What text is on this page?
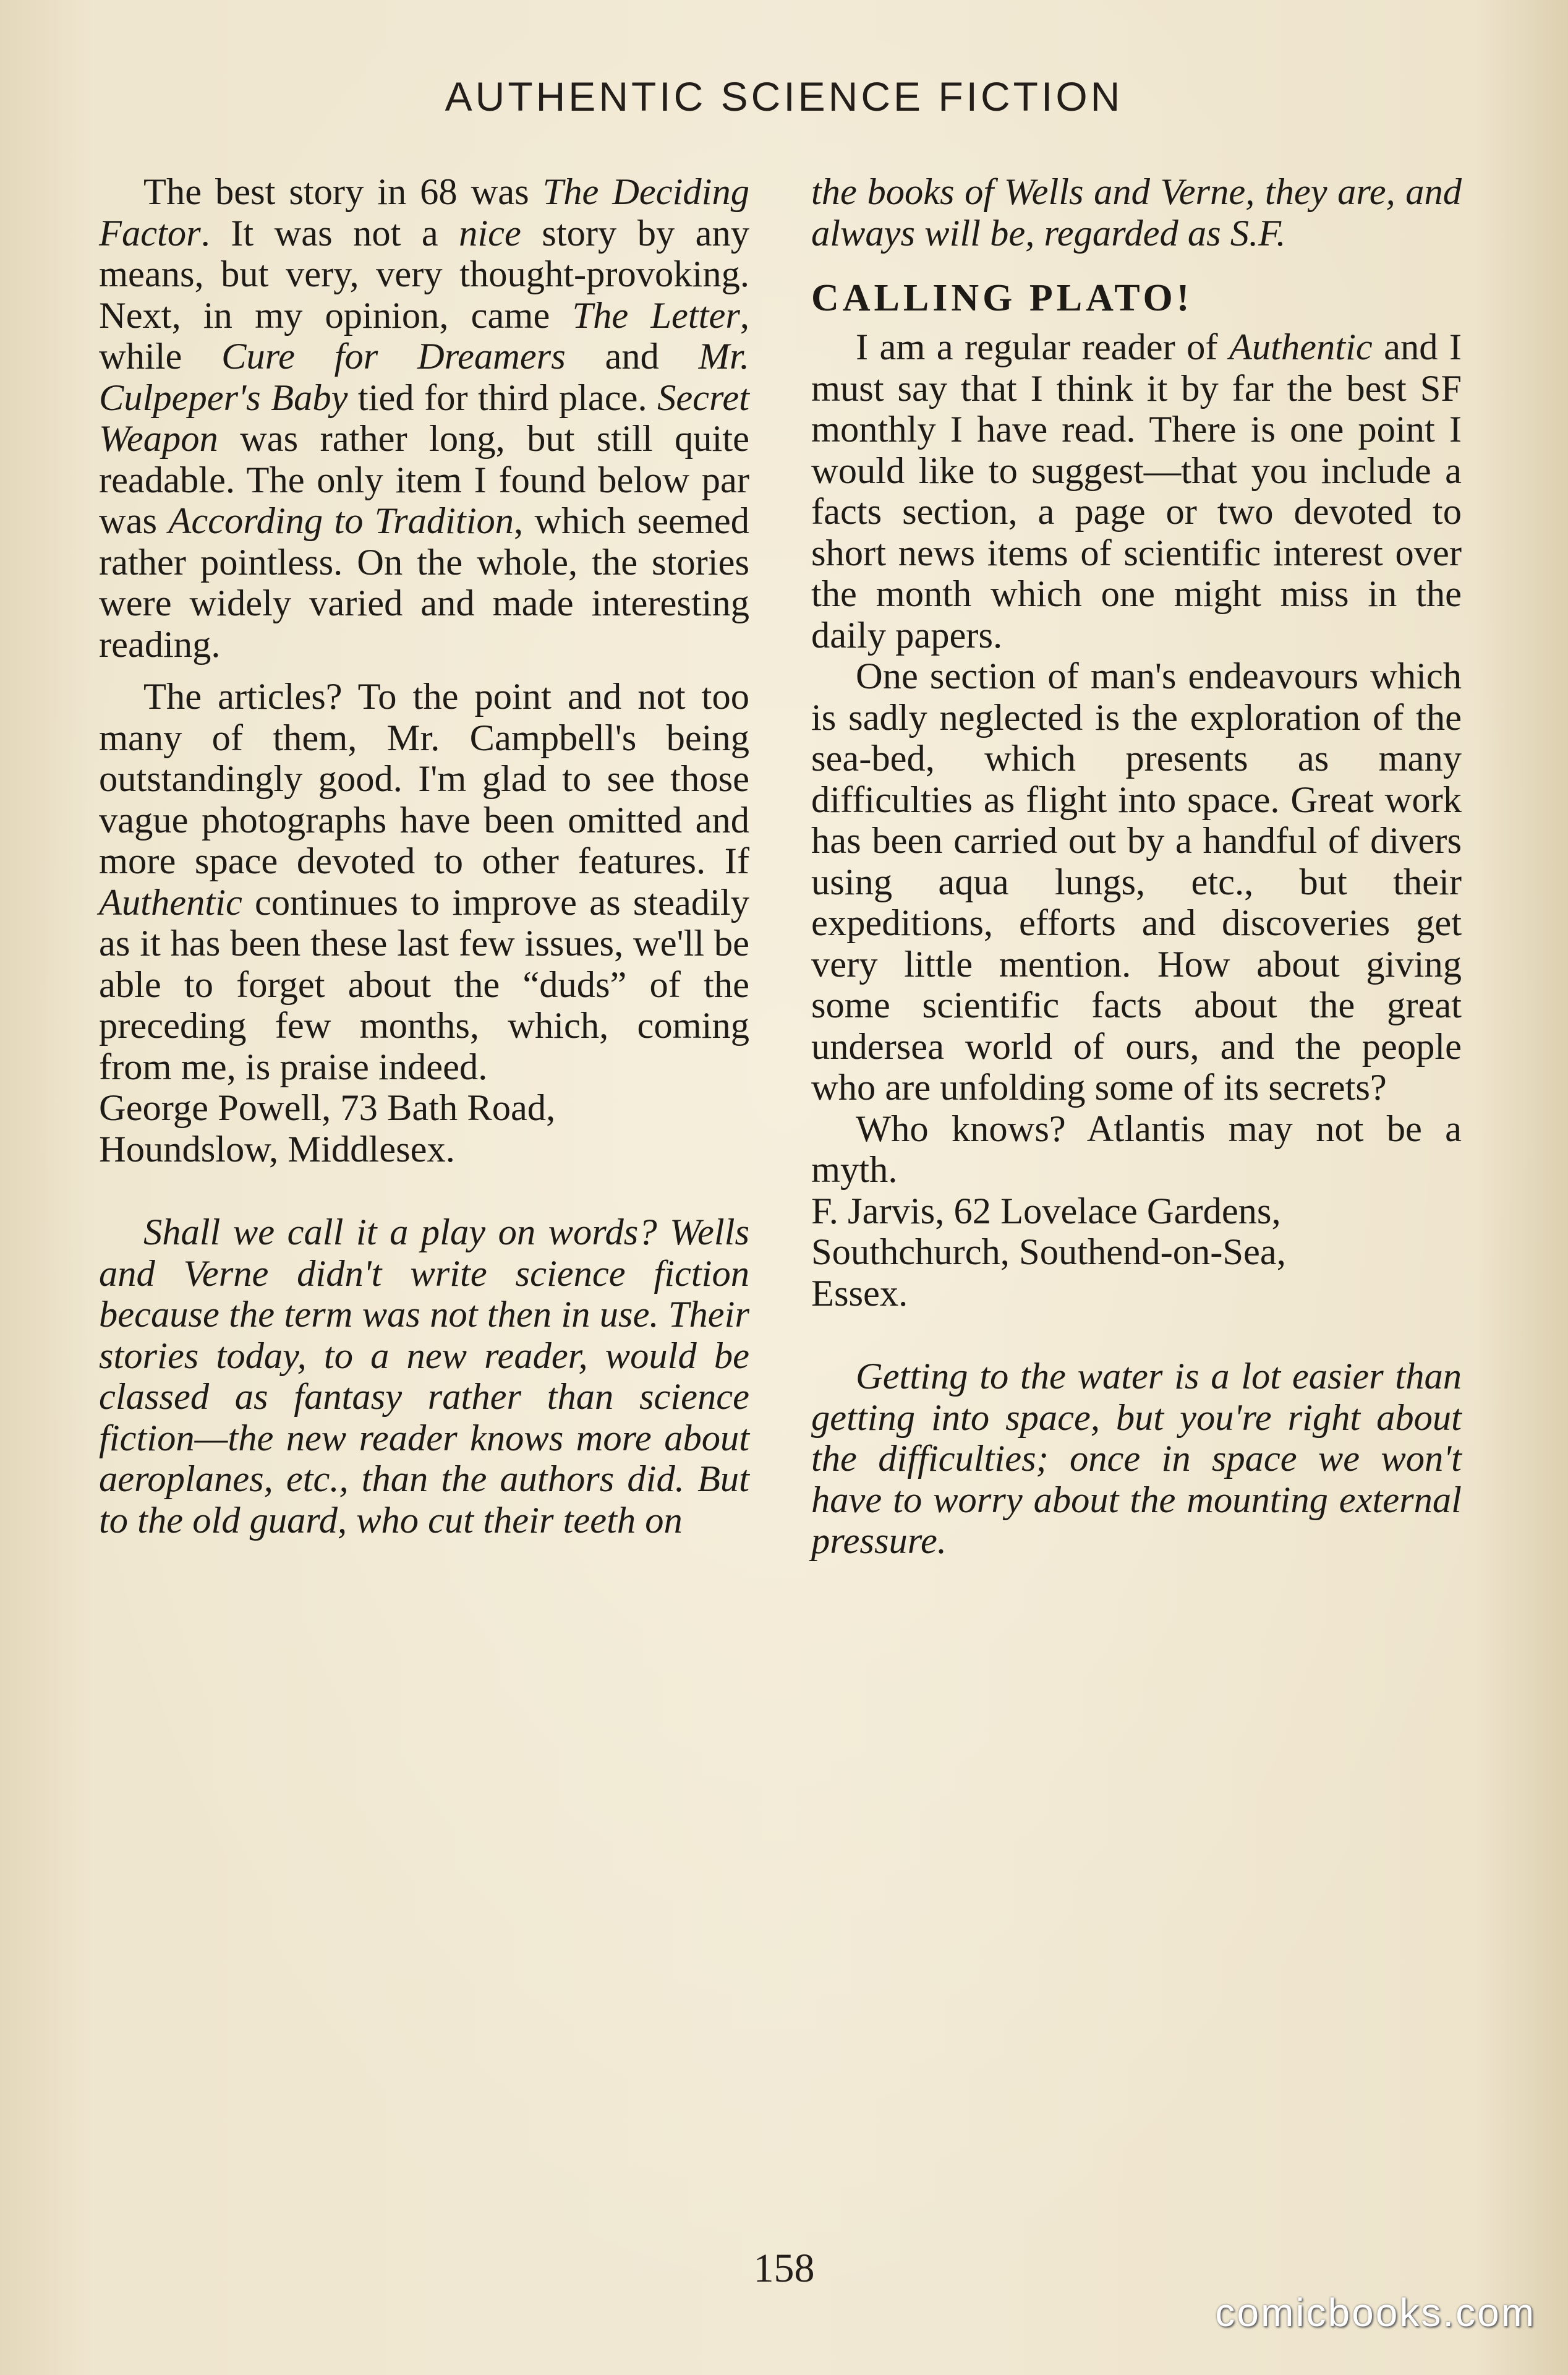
AUTHENTIC SCIENCE FICTION

The best story in 68 was The Deciding Factor. It was not a nice story by any means, but very, very thought-provoking. Next, in my opinion, came The Letter, while Cure for Dreamers and Mr. Culpeper's Baby tied for third place. Secret Weapon was rather long, but still quite readable. The only item I found below par was According to Tradition, which seemed rather pointless. On the whole, the stories were widely varied and made interesting reading.

The articles? To the point and not too many of them, Mr. Campbell's being outstandingly good. I'm glad to see those vague photographs have been omitted and more space devoted to other features. If Authentic continues to improve as steadily as it has been these last few issues, we'll be able to forget about the “duds” of the preceding few months, which, coming from me, is praise indeed.

George Powell, 73 Bath Road,

Houndslow, Middlesex.

Shall we call it a play on words? Wells and Verne didn't write science fiction because the term was not then in use. Their stories today, to a new reader, would be classed as fantasy rather than science fiction—the new reader knows more about aeroplanes, etc., than the authors did. But to the old guard, who cut their teeth on

the books of Wells and Verne, they are, and always will be, regarded as S.F.

CALLING PLATO!

I am a regular reader of Authentic and I must say that I think it by far the best SF monthly I have read. There is one point I would like to suggest—that you include a facts section, a page or two devoted to short news items of scientific interest over the month which one might miss in the daily papers.

One section of man's endeavours which is sadly neglected is the exploration of the sea-bed, which presents as many difficulties as flight into space. Great work has been carried out by a handful of divers using aqua lungs, etc., but their expeditions, efforts and discoveries get very little mention. How about giving some scientific facts about the great undersea world of ours, and the people who are unfolding some of its secrets?

Who knows? Atlantis may not be a myth.

F. Jarvis, 62 Lovelace Gardens,

Southchurch, Southend-on-Sea,

Essex.

Getting to the water is a lot easier than getting into space, but you're right about the difficulties; once in space we won't have to worry about the mounting external pressure.

158
comicbooks.com
